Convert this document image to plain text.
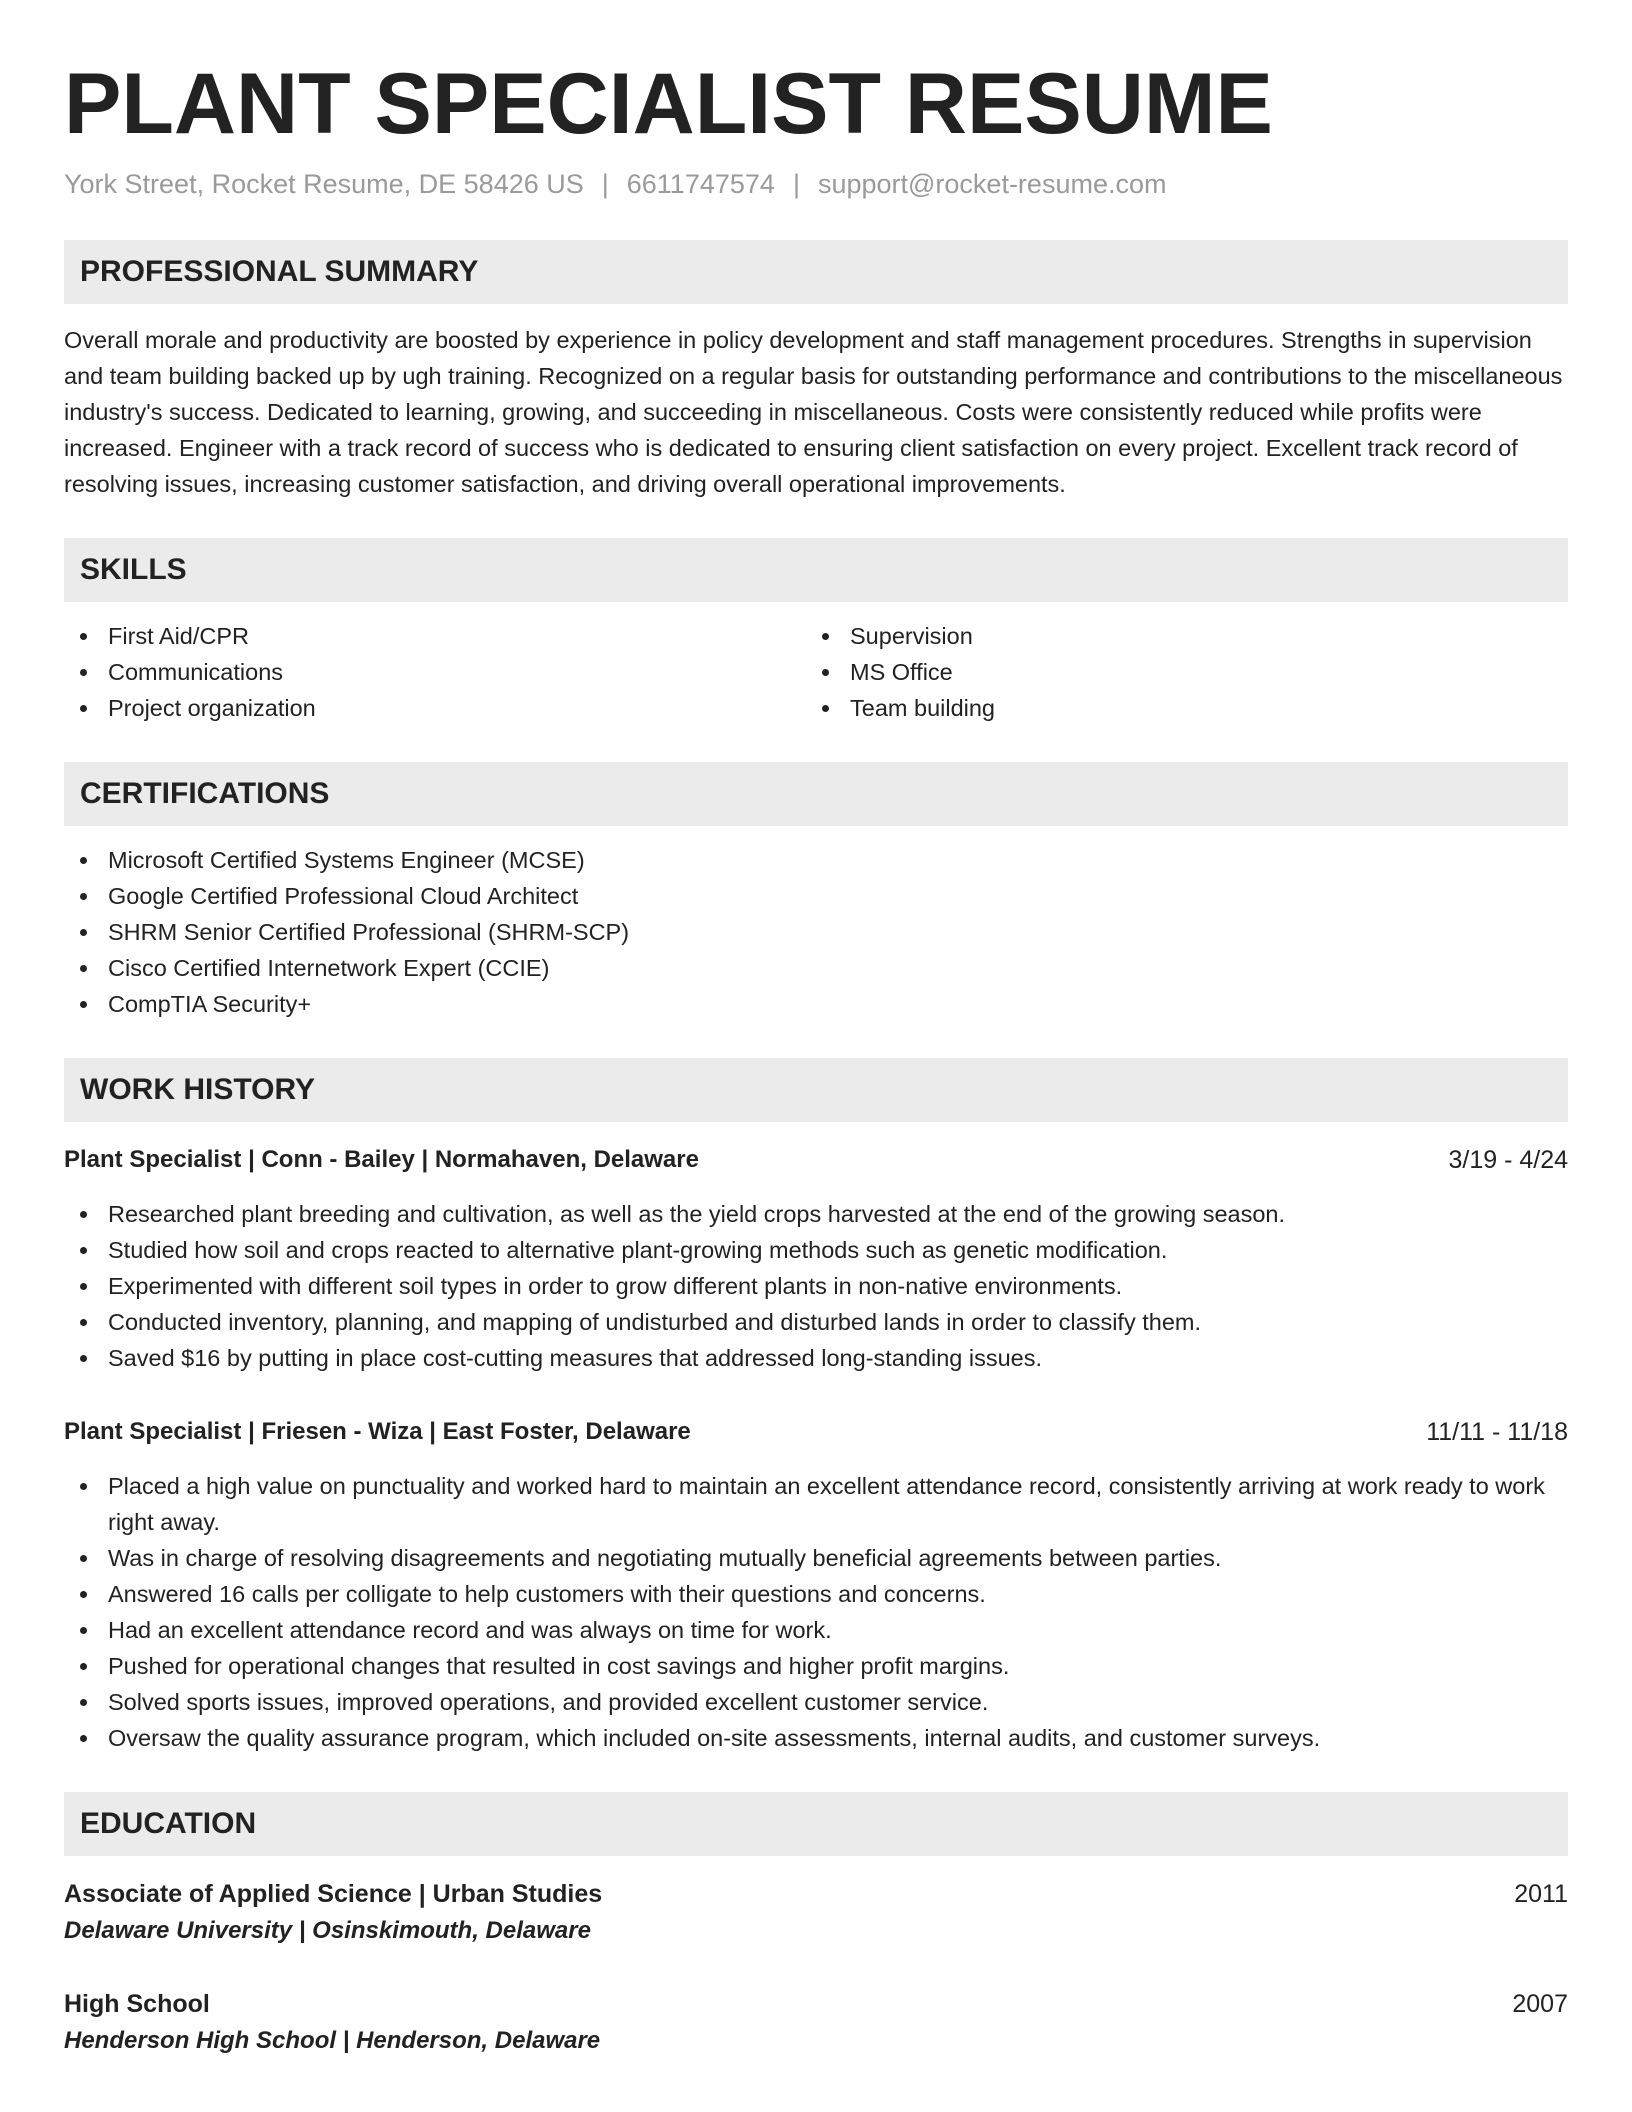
PLANT SPECIALIST RESUME
York Street, Rocket Resume, DE 58426 US | 6611747574 | support@rocket-resume.com
PROFESSIONAL SUMMARY

Overall morale and productivity are boosted by experience in policy development and staff management procedures. Strengths in supervision and team building backed up by ugh training. Recognized on a regular basis for outstanding performance and contributions to the miscellaneous industry's success. Dedicated to learning, growing, and succeeding in miscellaneous. Costs were consistently reduced while profits were increased. Engineer with a track record of success who is dedicated to ensuring client satisfaction on every project. Excellent track record of resolving issues, increasing customer satisfaction, and driving overall operational improvements.

SKILLS
First Aid/CPR
Communications
Project organization
Supervision
MS Office
Team building
CERTIFICATIONS
Microsoft Certified Systems Engineer (MCSE)
Google Certified Professional Cloud Architect
SHRM Senior Certified Professional (SHRM-SCP)
Cisco Certified Internetwork Expert (CCIE)
CompTIA Security+
WORK HISTORY
Plant Specialist | Conn - Bailey | Normahaven, Delaware	3/19 - 4/24
Researched plant breeding and cultivation, as well as the yield crops harvested at the end of the growing season.
Studied how soil and crops reacted to alternative plant-growing methods such as genetic modification.
Experimented with different soil types in order to grow different plants in non-native environments.
Conducted inventory, planning, and mapping of undisturbed and disturbed lands in order to classify them.
Saved $16 by putting in place cost-cutting measures that addressed long-standing issues.
Plant Specialist | Friesen - Wiza | East Foster, Delaware	11/11 - 11/18
Placed a high value on punctuality and worked hard to maintain an excellent attendance record, consistently arriving at work ready to work right away.
Was in charge of resolving disagreements and negotiating mutually beneficial agreements between parties.
Answered 16 calls per colligate to help customers with their questions and concerns.
Had an excellent attendance record and was always on time for work.
Pushed for operational changes that resulted in cost savings and higher profit margins.
Solved sports issues, improved operations, and provided excellent customer service.
Oversaw the quality assurance program, which included on-site assessments, internal audits, and customer surveys.
EDUCATION
Associate of Applied Science | Urban Studies	2011
Delaware University | Osinskimouth, Delaware
High School	2007
Henderson High School | Henderson, Delaware
